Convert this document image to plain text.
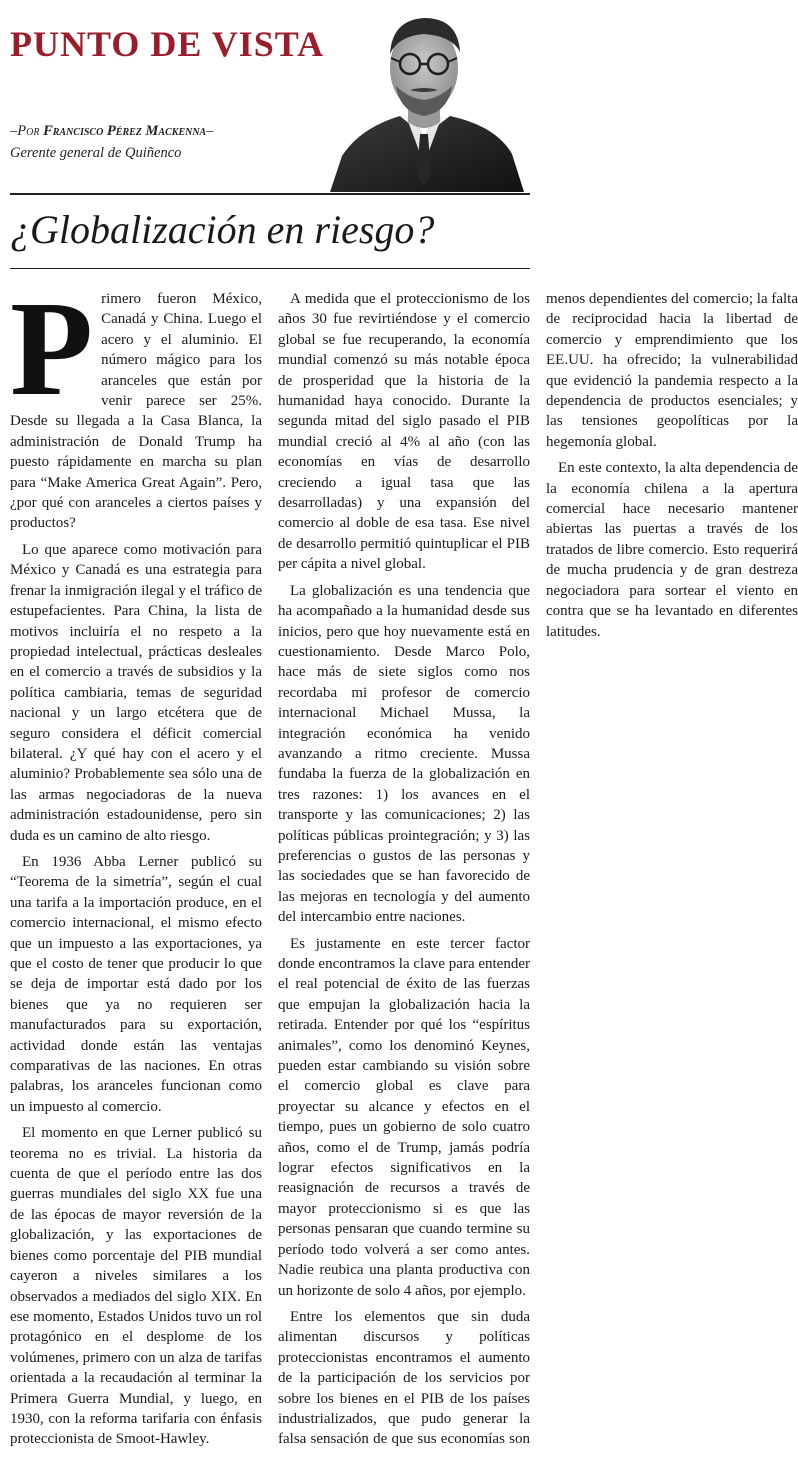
PUNTO DE VISTA
–Por Francisco Pérez Mackenna–
Gerente general de Quiñenco
¿Globalización en riesgo?

Primero fueron México, Canadá y China. Luego el acero y el aluminio. El número mágico para los aranceles que están por venir parece ser 25%. Desde su llegada a la Casa Blanca, la administración de Donald Trump ha puesto rápidamente en marcha su plan para “Make America Great Again”. Pero, ¿por qué con aranceles a ciertos países y productos?

Lo que aparece como motivación para México y Canadá es una estrategia para frenar la inmigración ilegal y el tráfico de estupefacientes. Para China, la lista de motivos incluiría el no respeto a la propiedad intelectual, prácticas desleales en el comercio a través de subsidios y la política cambiaria, temas de seguridad nacional y un largo etcétera que de seguro considera el déficit comercial bilateral. ¿Y qué hay con el acero y el aluminio? Probablemente sea sólo una de las armas negociadoras de la nueva administración estadounidense, pero sin duda es un camino de alto riesgo.

En 1936 Abba Lerner publicó su “Teorema de la simetría”, según el cual una tarifa a la importación produce, en el comercio internacional, el mismo efecto que un impuesto a las exportaciones, ya que el costo de tener que producir lo que se deja de importar está dado por los bienes que ya no requieren ser manufacturados para su exportación, actividad donde están las ventajas comparativas de las naciones. En otras palabras, los aranceles funcionan como un impuesto al comercio.

El momento en que Lerner publicó su teorema no es trivial. La historia da cuenta de que el período entre las dos guerras mundiales del siglo XX fue una de las épocas de mayor reversión de la globalización, y las exportaciones de bienes como porcentaje del PIB mundial cayeron a niveles similares a los observados a mediados del siglo XIX. En ese momento, Estados Unidos tuvo un rol protagónico en el desplome de los volúmenes, primero con un alza de tarifas orientada a la recaudación al terminar la Primera Guerra Mundial, y luego, en 1930, con la reforma tarifaria con énfasis proteccionista de Smoot-Hawley.

A medida que el proteccionismo de los años 30 fue revirtiéndose y el comercio global se fue recuperando, la economía mundial comenzó su más notable época de prosperidad que la historia de la humanidad haya conocido. Durante la segunda mitad del siglo pasado el PIB mundial creció al 4% al año (con las economías en vías de desarrollo creciendo a igual tasa que las desarrolladas) y una expansión del comercio al doble de esa tasa. Ese nivel de desarrollo permitió quintuplicar el PIB per cápita a nivel global.

La globalización es una tendencia que ha acompañado a la humanidad desde sus inicios, pero que hoy nuevamente está en cuestionamiento. Desde Marco Polo, hace más de siete siglos como nos recordaba mi profesor de comercio internacional Michael Mussa, la integración económica ha venido avanzando a ritmo creciente. Mussa fundaba la fuerza de la globalización en tres razones: 1) los avances en el transporte y las comunicaciones; 2) las políticas públicas prointegración; y 3) las preferencias o gustos de las personas y las sociedades que se han favorecido de las mejoras en tecnología y del aumento del intercambio entre naciones.

Es justamente en este tercer factor donde encontramos la clave para entender el real potencial de éxito de las fuerzas que empujan la globalización hacia la retirada. Entender por qué los “espíritus animales”, como los denominó Keynes, pueden estar cambiando su visión sobre el comercio global es clave para proyectar su alcance y efectos en el tiempo, pues un gobierno de solo cuatro años, como el de Trump, jamás podría lograr efectos significativos en la reasignación de recursos a través de mayor proteccionismo si es que las personas pensaran que cuando termine su período todo volverá a ser como antes. Nadie reubica una planta productiva con un horizonte de solo 4 años, por ejemplo.

Entre los elementos que sin duda alimentan discursos y políticas proteccionistas encontramos el aumento de la participación de los servicios por sobre los bienes en el PIB de los países industrializados, que pudo generar la falsa sensación de que sus economías son menos dependientes del comercio; la falta de reciprocidad hacia la libertad de comercio y emprendimiento que los EE.UU. ha ofrecido; la vulnerabilidad que evidenció la pandemia respecto a la dependencia de productos esenciales; y las tensiones geopolíticas por la hegemonía global.

En este contexto, la alta dependencia de la economía chilena a la apertura comercial hace necesario mantener abiertas las puertas a través de los tratados de libre comercio. Esto requerirá de mucha prudencia y de gran destreza negociadora para sortear el viento en contra que se ha levantado en diferentes latitudes.
